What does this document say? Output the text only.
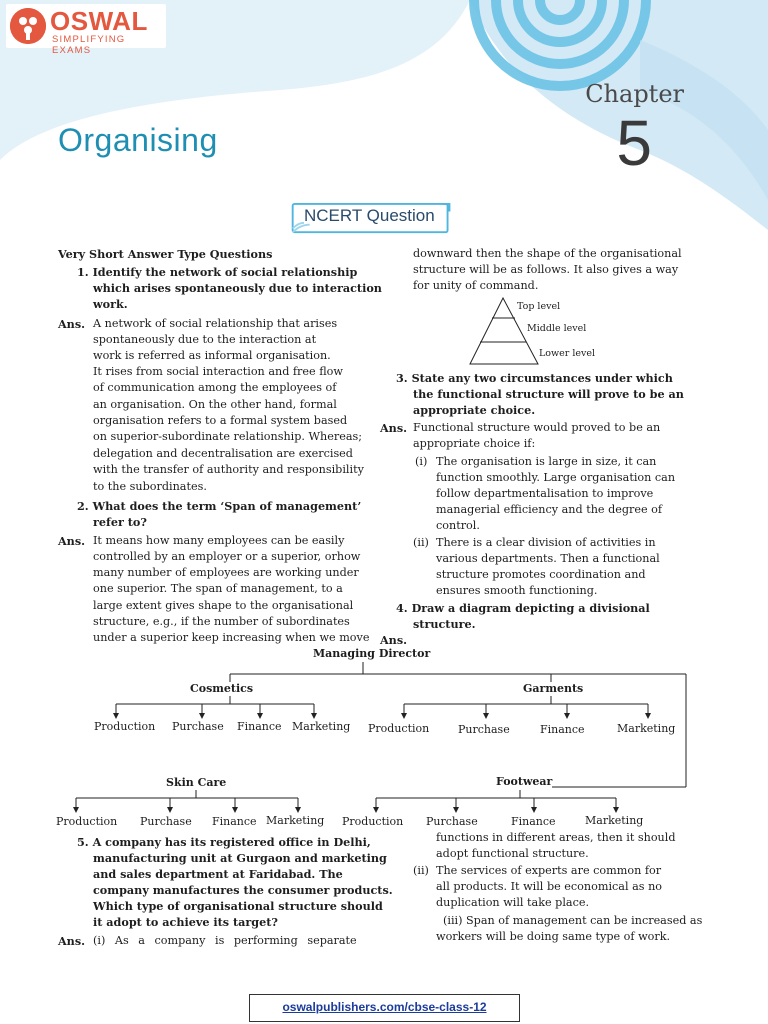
OSWAL
SIMPLIFYING EXAMS
Chapter
5
Organising
NCERT Question
Very Short Answer Type Questions
1. Identify the network of social relationship
which arises spontaneously due to interaction
work.
Ans. A network of social relationship that arises
spontaneously due to the interaction at
work is referred as informal organisation.
It rises from social interaction and free flow
of communication among the employees of
an organisation. On the other hand, formal
organisation refers to a formal system based
on superior-subordinate relationship. Whereas;
delegation and decentralisation are exercised
with the transfer of authority and responsibility
to the subordinates.
2. What does the term ‘Span of management’
refer to?
Ans. It means how many employees can be easily
controlled by an employer or a superior, orhow
many number of employees are working under
one superior. The span of management, to a
large extent gives shape to the organisational
structure, e.g., if the number of subordinates
under a superior keep increasing when we move
downward then the shape of the organisational
structure will be as follows. It also gives a way
for unity of command.
Top level
Middle level
Lower level
3. State any two circumstances under which
the functional structure will prove to be an
appropriate choice.
Ans. Functional structure would proved to be an
appropriate choice if:
(i) The organisation is large in size, it can
function smoothly. Large organisation can
follow departmentalisation to improve
managerial efficiency and the degree of
control.
(ii) There is a clear division of activities in
various departments. Then a functional
structure promotes coordination and
ensures smooth functioning.
4. Draw a diagram depicting a divisional
structure.
Ans.
Managing Director
Cosmetics	Garments
Skin Care	Footwear
Production Purchase Finance Marketing Production	Purchase	Finance	Marketing
Production Purchase Finance Marketing Production Purchase	Finance	Marketing
5. A company has its registered office in Delhi,
manufacturing unit at Gurgaon and marketing
and sales department at Faridabad. The
company manufactures the consumer products.
Which type of organisational structure should
it adopt to achieve its target?
Ans. (i) As a company is performing separate
functions in different areas, then it should
adopt functional structure.
(ii) The services of experts are common for
all products. It will be economical as no
duplication will take place.
(iii) Span of management can be increased as
workers will be doing same type of work.
oswalpublishers.com/cbse-class-12
